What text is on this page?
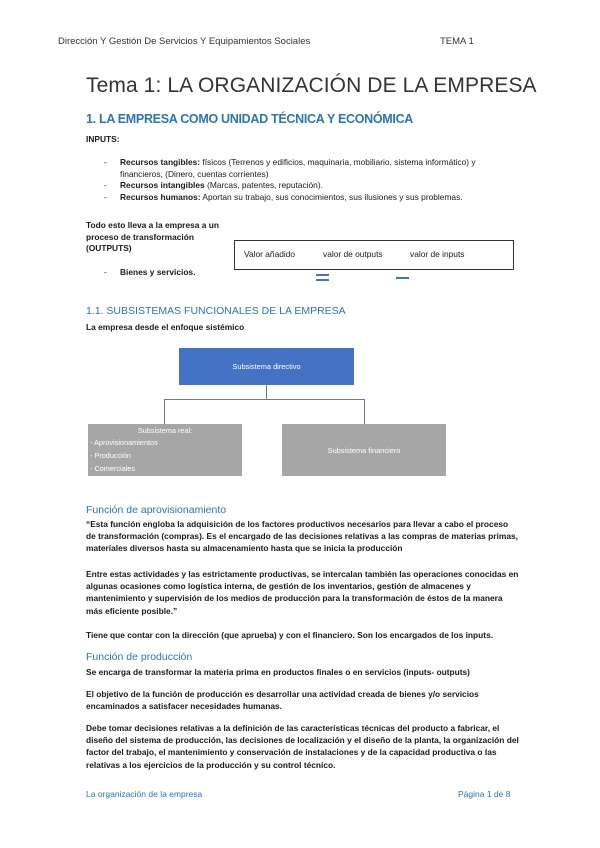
Dirección Y Gestión De Servicios Y Equipamientos Sociales	TEMA 1
Tema 1: LA ORGANIZACIÓN DE LA EMPRESA
1. LA EMPRESA COMO UNIDAD TÉCNICA Y ECONÓMICA
INPUTS:
- Recursos tangibles: físicos (Terrenos y edificios, maquinaria, mobiliario, sistema informático) y financieros, (Dinero, cuentas corrientes)
- Recursos intangibles (Marcas, patentes, reputación).
- Recursos humanos: Aportan su trabajo, sus conocimientos, sus ilusiones y sus problemas.
Todo esto lleva a la empresa a un proceso de transformación (OUTPUTS)
- Bienes y servicios.
Valor añadido	valor de outputs	valor de inputs
1.1. SUBSISTEMAS FUNCIONALES DE LA EMPRESA
La empresa desde el enfoque sistémico
Subsistema directivo
Subsistema real:
- Aprovisionamientos
- Producción
- Comerciales
Subsistema financiero
Función de aprovisionamiento
“Esta función engloba la adquisición de los factores productivos necesarios para llevar a cabo el proceso de transformación (compras). Es el encargado de las decisiones relativas a las compras de materias primas, materiales diversos hasta su almacenamiento hasta que se inicia la producción
Entre estas actividades y las estrictamente productivas, se intercalan también las operaciones conocidas en algunas ocasiones como logística interna, de gestión de los inventarios, gestión de almacenes y mantenimiento y supervisión de los medios de producción para la transformación de éstos de la manera más eficiente posible.”
Tiene que contar con la dirección (que aprueba) y con el financiero. Son los encargados de los inputs.
Función de producción
Se encarga de transformar la materia prima en productos finales o en servicios (inputs- outputs)
El objetivo de la función de producción es desarrollar una actividad creada de bienes y/o servicios encaminados a satisfacer necesidades humanas.
Debe tomar decisiones relativas a la definición de las características técnicas del producto a fabricar, el diseño del sistema de producción, las decisiones de localización y el diseño de la planta, la organización del factor del trabajo, el mantenimiento y conservación de instalaciones y de la capacidad productiva o las relativas a los ejercicios de la producción y su control técnico.
La organización de la empresa	Página 1 de 8
